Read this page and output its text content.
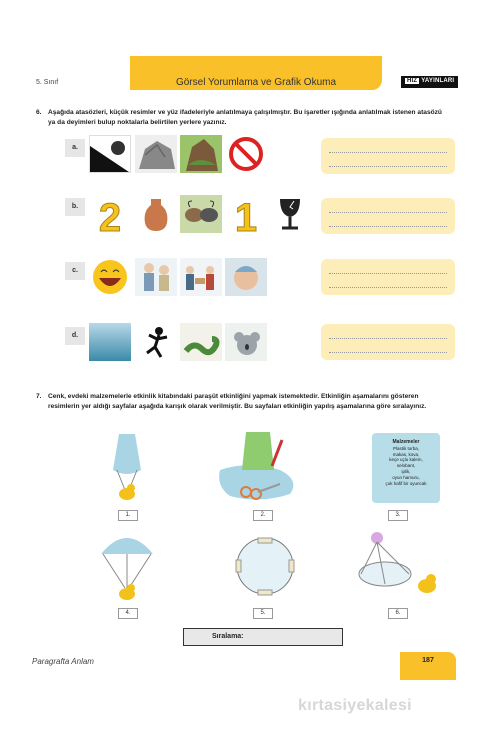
5. Sınıf	Görsel Yorumlama ve Grafik Okuma	HIZ YAYINLARI
6. Aşağıda atasözleri, küçük resimler ve yüz ifadeleriyle anlatılmaya çalışılmıştır. Bu işaretler ışığında anlatılmak istenen atasözü ya da deyimleri bulup noktalarla belirtilen yerlere yazınız.
a.
b. 2	1
c.
d.
7. Cenk, evdeki malzemelerle etkinlik kitabındaki paraşüt etkinliğini yapmak istemektedir. Etkinliğin aşamalarını gösteren resimlerin yer aldığı sayfalar aşağıda karışık olarak verilmiştir. Bu sayfaları etkinliğin yapılış aşamalarına göre sıralayınız.
1.	2.
Malzemeler
Plastik torba,
makas, kova,
keçe uçlu kalem,
selobant,
iplik,
oyun hamuru,
çok hafif bir oyuncak
3.
4.	5.	6.
Sıralama:
Paragrafta Anlam	187
kırtasiyekalesi
